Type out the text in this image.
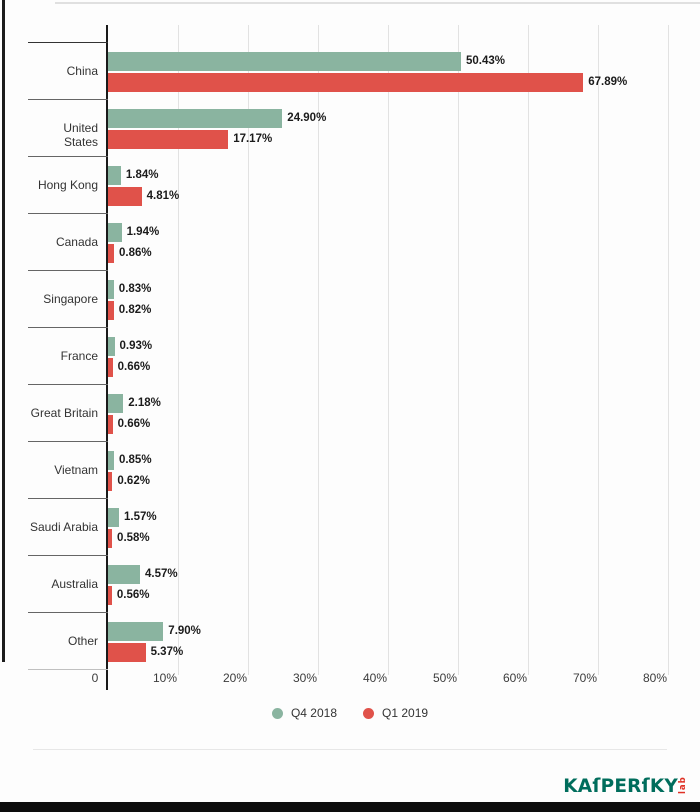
0	10%	20%	30%	40%	50%	60%	70%	80%
China
50.43%
67.89%
United States
24.90%
17.17%
Hong Kong
1.84%
4.81%
Canada
1.94%
0.86%
Singapore
0.83%
0.82%
France
0.93%
0.66%
Great Britain
2.18%
0.66%
Vietnam
0.85%
0.62%
Saudi Arabia
1.57%
0.58%
Australia
4.57%
0.56%
Other
7.90%
5.37%
Q4 2018	Q1 2019
KAſPERſKY lab
